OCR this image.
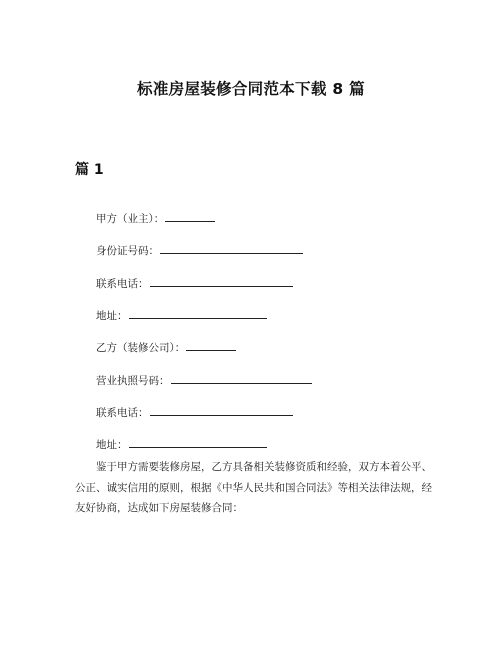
标准房屋装修合同范本下载 8 篇
篇 1
甲方（业主）：
身份证号码：
联系电话：
地址：
乙方（装修公司）：
营业执照号码：
联系电话：
地址：
鉴于甲方需要装修房屋，乙方具备相关装修资质和经验，双方本着公平、公正、诚实信用的原则，根据《中华人民共和国合同法》等相关法律法规，经友好协商，达成如下房屋装修合同：
